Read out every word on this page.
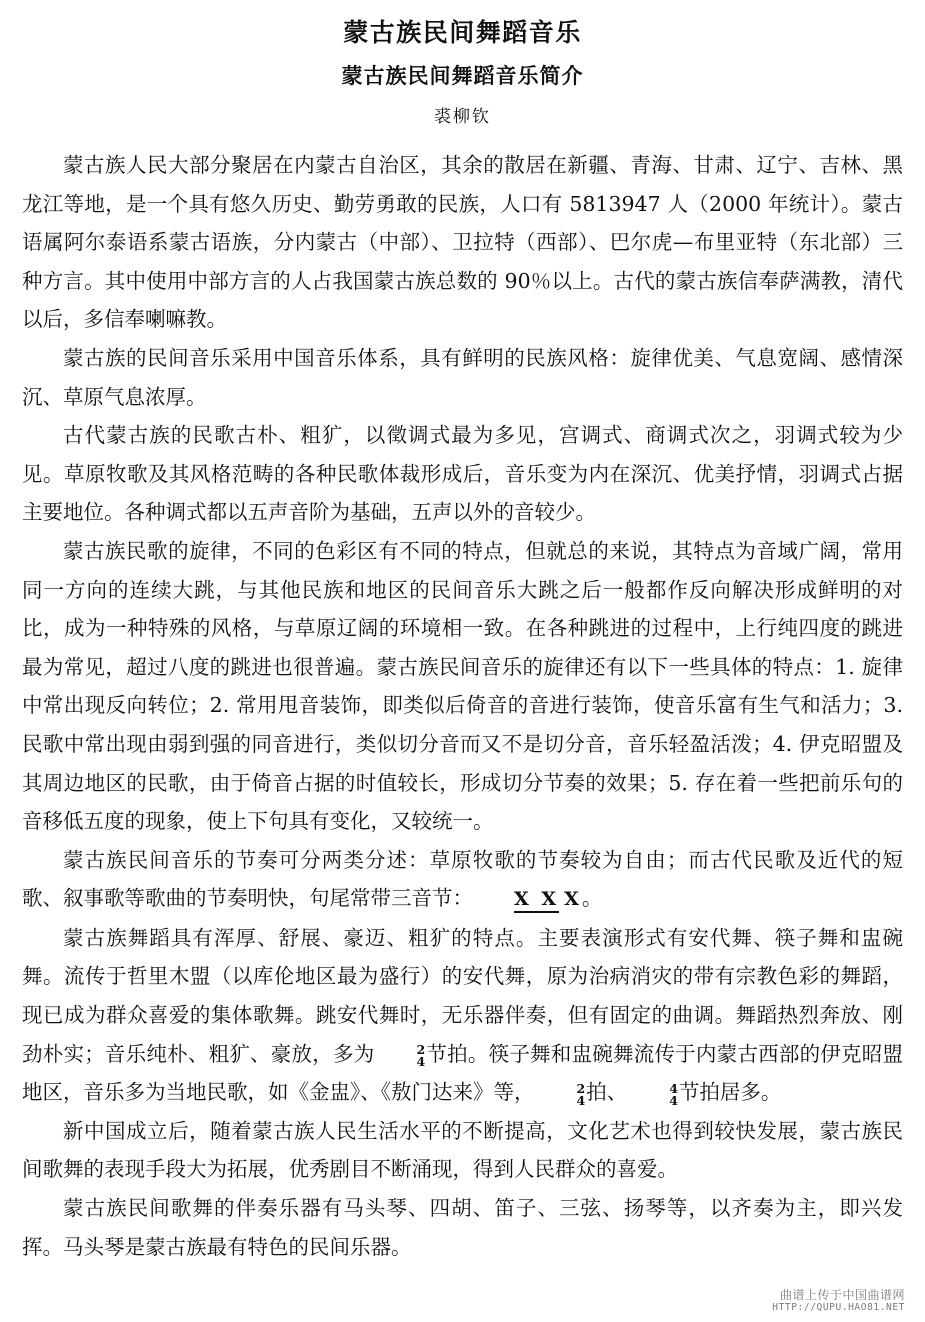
蒙古族民间舞蹈音乐
蒙古族民间舞蹈音乐简介
裘柳钦

蒙古族人民大部分聚居在内蒙古自治区，其余的散居在新疆、青海、甘肃、辽宁、吉林、黑龙江等地，是一个具有悠久历史、勤劳勇敢的民族，人口有 5813947 人（2000 年统计）。蒙古语属阿尔泰语系蒙古语族，分内蒙古（中部）、卫拉特（西部）、巴尔虎—布里亚特（东北部）三种方言。其中使用中部方言的人占我国蒙古族总数的 90％以上。古代的蒙古族信奉萨满教，清代以后，多信奉喇嘛教。

蒙古族的民间音乐采用中国音乐体系，具有鲜明的民族风格：旋律优美、气息宽阔、感情深沉、草原气息浓厚。

古代蒙古族的民歌古朴、粗犷，以徵调式最为多见，宫调式、商调式次之，羽调式较为少见。草原牧歌及其风格范畴的各种民歌体裁形成后，音乐变为内在深沉、优美抒情，羽调式占据主要地位。各种调式都以五声音阶为基础，五声以外的音较少。

蒙古族民歌的旋律，不同的色彩区有不同的特点，但就总的来说，其特点为音域广阔，常用同一方向的连续大跳，与其他民族和地区的民间音乐大跳之后一般都作反向解决形成鲜明的对比，成为一种特殊的风格，与草原辽阔的环境相一致。在各种跳进的过程中，上行纯四度的跳进最为常见，超过八度的跳进也很普遍。蒙古族民间音乐的旋律还有以下一些具体的特点：1. 旋律中常出现反向转位；2. 常用甩音装饰，即类似后倚音的音进行装饰，使音乐富有生气和活力；3. 民歌中常出现由弱到强的同音进行，类似切分音而又不是切分音，音乐轻盈活泼；4. 伊克昭盟及其周边地区的民歌，由于倚音占据的时值较长，形成切分节奏的效果；5. 存在着一些把前乐句的音移低五度的现象，使上下句具有变化，又较统一。

蒙古族民间音乐的节奏可分两类分述：草原牧歌的节奏较为自由；而古代民歌及近代的短歌、叙事歌等歌曲的节奏明快，句尾常带三音节： X X X。

蒙古族舞蹈具有浑厚、舒展、豪迈、粗犷的特点。主要表演形式有安代舞、筷子舞和盅碗舞。流传于哲里木盟（以库伦地区最为盛行）的安代舞，原为治病消灾的带有宗教色彩的舞蹈，现已成为群众喜爱的集体歌舞。跳安代舞时，无乐器伴奏，但有固定的曲调。舞蹈热烈奔放、刚劲朴实；音乐纯朴、粗犷、豪放，多为	2
4 节拍。筷子舞和盅碗舞流传于内蒙古西部的伊克昭盟地区，音乐多为当地民歌，如《金盅》、《敖门达来》等，	2
4 拍、	4
4 节拍居多。

新中国成立后，随着蒙古族人民生活水平的不断提高，文化艺术也得到较快发展，蒙古族民间歌舞的表现手段大为拓展，优秀剧目不断涌现，得到人民群众的喜爱。

蒙古族民间歌舞的伴奏乐器有马头琴、四胡、笛子、三弦、扬琴等，以齐奏为主，即兴发挥。马头琴是蒙古族最有特色的民间乐器。

曲谱上传于中国曲谱网
HTTP://QUPU.HAO81.NET
